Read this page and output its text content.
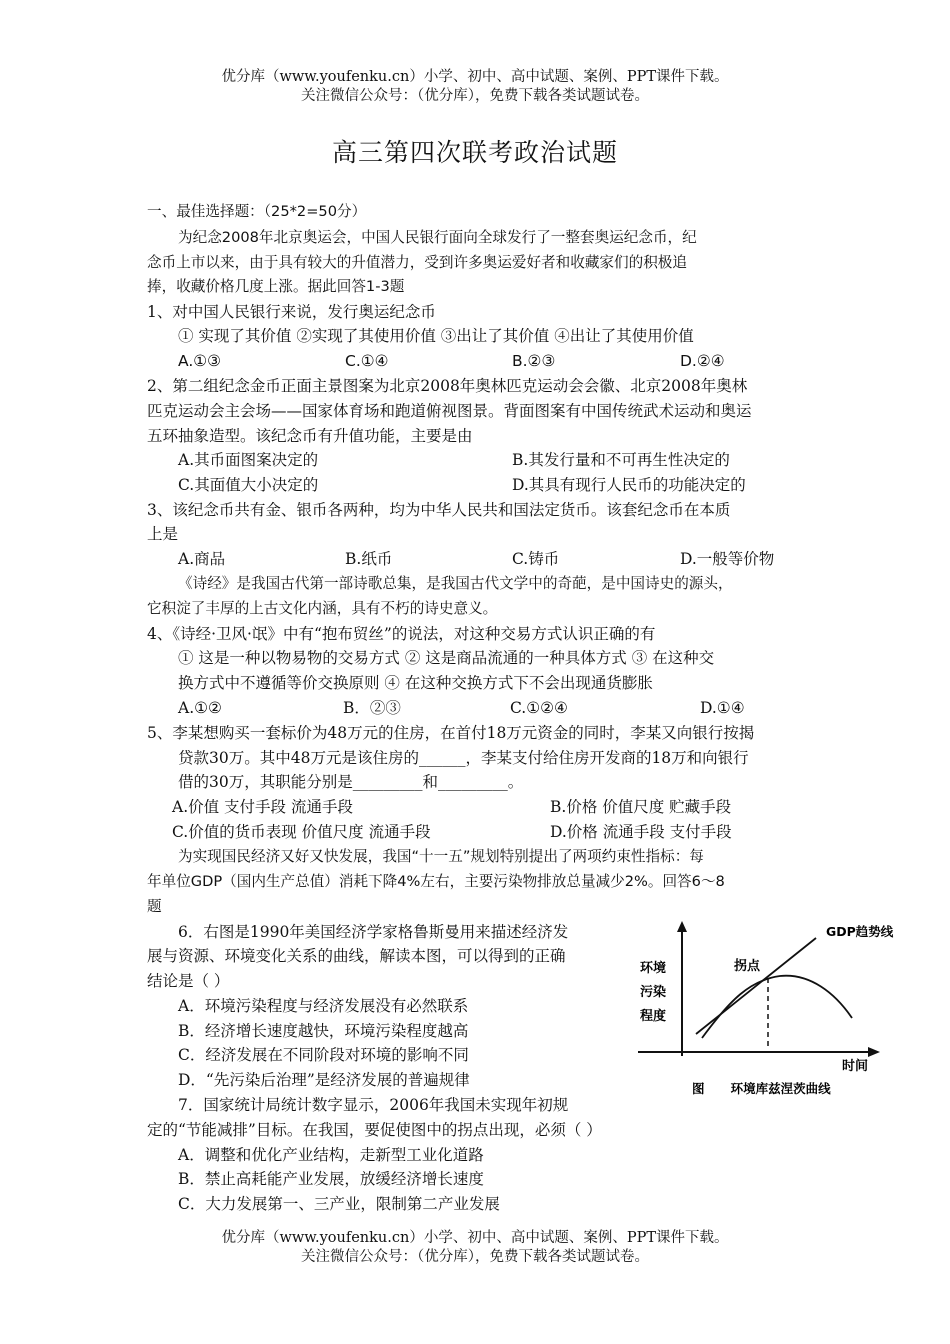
优分库（www.youfenku.cn）小学、初中、高中试题、案例、PPT课件下载。
关注微信公众号：（优分库），免费下载各类试题试卷。
高三第四次联考政治试题
一、最佳选择题：（25*2=50分）
为纪念2008年北京奥运会，中国人民银行面向全球发行了一整套奥运纪念币，纪
念币上市以来，由于具有较大的升值潜力，受到许多奥运爱好者和收藏家们的积极追
捧，收藏价格几度上涨。据此回答1-3题
1、对中国人民银行来说，发行奥运纪念币
① 实现了其价值 ②实现了其使用价值 ③出让了其价值 ④出让了其使用价值
A.①③	C.①④	B.②③	D.②④
2、第二组纪念金币正面主景图案为北京2008年奥林匹克运动会会徽、北京2008年奥林
匹克运动会主会场——国家体育场和跑道俯视图景。背面图案有中国传统武术运动和奥运
五环抽象造型。该纪念币有升值功能，主要是由
A.其币面图案决定的	B.其发行量和不可再生性决定的
C.其面值大小决定的	D.其具有现行人民币的功能决定的
3、该纪念币共有金、银币各两种，均为中华人民共和国法定货币。该套纪念币在本质
上是
A.商品	B.纸币	C.铸币	D.一般等价物
《诗经》是我国古代第一部诗歌总集，是我国古代文学中的奇葩，是中国诗史的源头，
它积淀了丰厚的上古文化内涵，具有不朽的诗史意义。
4、《诗经·卫风·氓》中有“抱布贸丝”的说法，对这种交易方式认识正确的有
① 这是一种以物易物的交易方式 ② 这是商品流通的一种具体方式 ③ 在这种交
换方式中不遵循等价交换原则 ④ 在这种交换方式下不会出现通货膨胀
A.①②	B．②③	C.①②④	D.①④
5、李某想购买一套标价为48万元的住房，在首付18万元资金的同时，李某又向银行按揭
贷款30万。其中48万元是该住房的______，李某支付给住房开发商的18万和向银行
借的30万，其职能分别是_________和_________。
A.价值 支付手段 流通手段	B.价格 价值尺度 贮藏手段
C.价值的货币表现 价值尺度 流通手段	D.价格 流通手段 支付手段
为实现国民经济又好又快发展，我国“十一五”规划特别提出了两项约束性指标：每
年单位GDP（国内生产总值）消耗下降4%左右，主要污染物排放总量减少2%。回答6～8
题
6．右图是1990年美国经济学家格鲁斯曼用来描述经济发
展与资源、环境变化关系的曲线，解读本图，可以得到的正确
结论是（ ）
A．环境污染程度与经济发展没有必然联系
B．经济增长速度越快，环境污染程度越高
C．经济发展在不同阶段对环境的影响不同
D．“先污染后治理”是经济发展的普遍规律
7．国家统计局统计数字显示，2006年我国未实现年初规
定的“节能减排”目标。在我国，要促使图中的拐点出现，必须（ ）
A．调整和优化产业结构，走新型工业化道路
B．禁止高耗能产业发展，放缓经济增长速度
C．大力发展第一、三产业，限制第二产业发展
GDP趋势线
环境
污染
程度
拐点
时间
图      环境库兹涅茨曲线
优分库（www.youfenku.cn）小学、初中、高中试题、案例、PPT课件下载。
关注微信公众号：（优分库），免费下载各类试题试卷。
